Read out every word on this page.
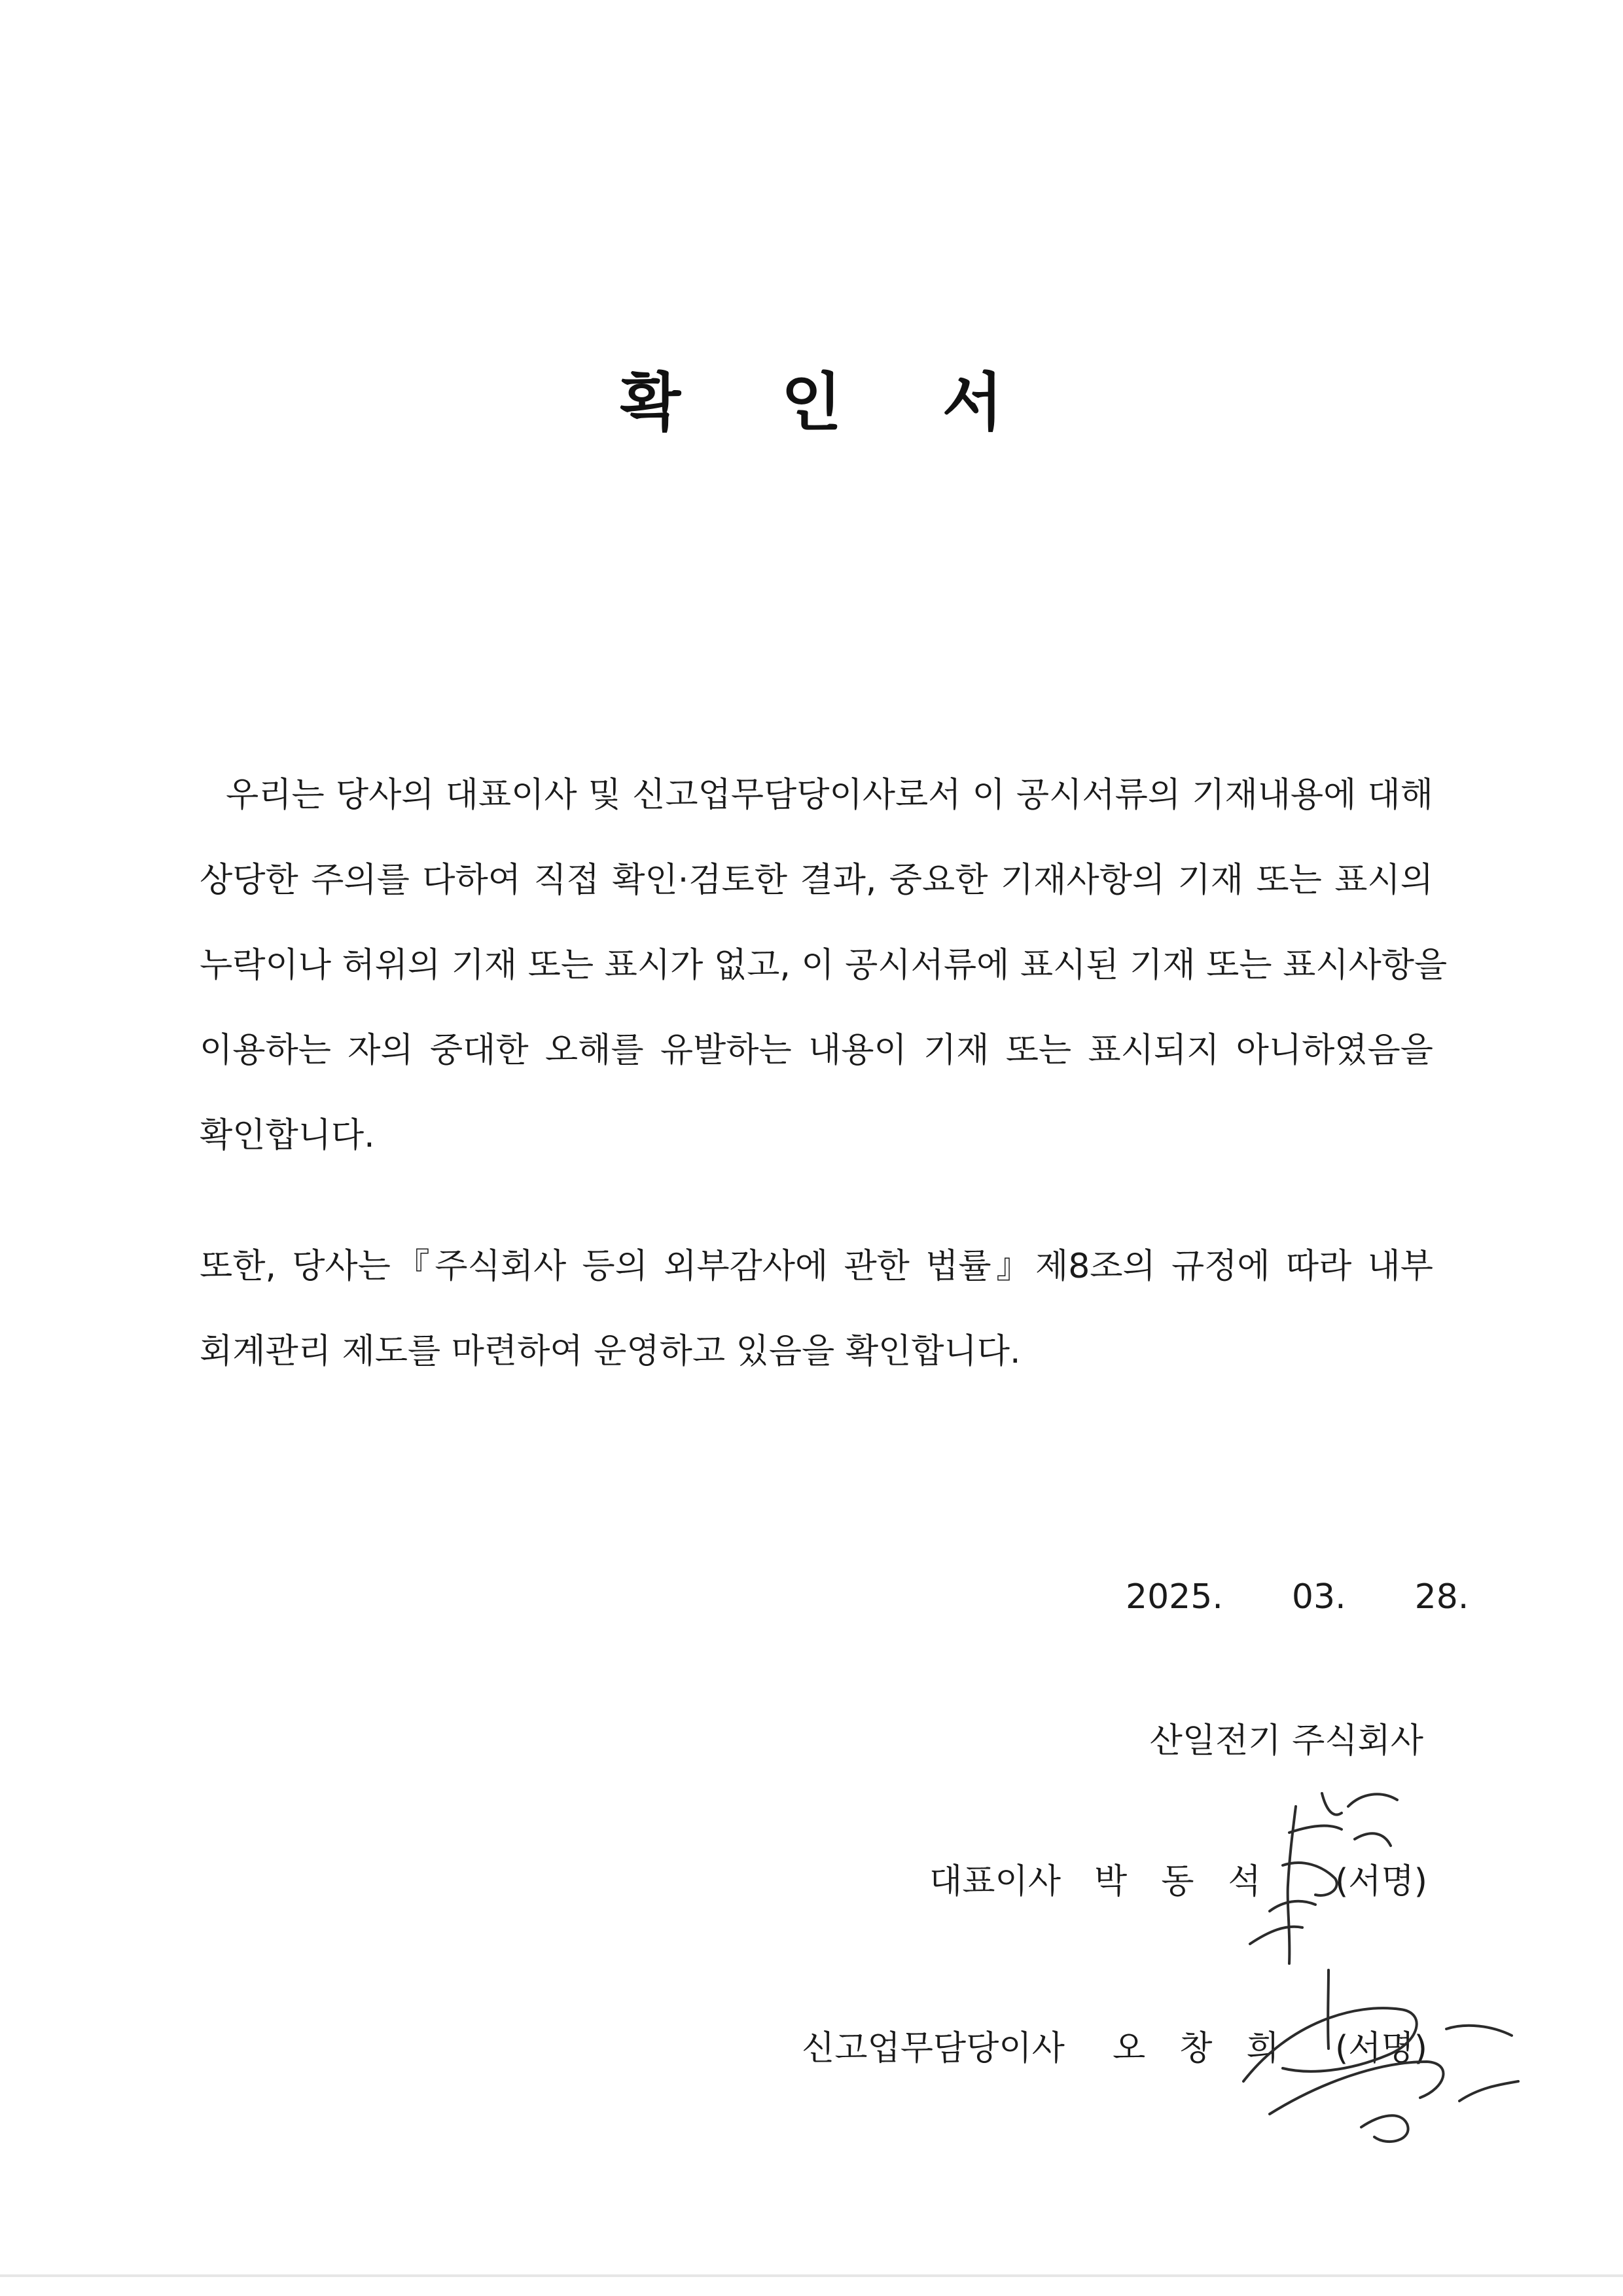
확 인 서
우리는 당사의 대표이사 및 신고업무담당이사로서 이 공시서류의 기재내용에 대해
상당한 주의를 다하여 직접 확인·검토한 결과, 중요한 기재사항의 기재 또는 표시의
누락이나 허위의 기재 또는 표시가 없고, 이 공시서류에 표시된 기재 또는 표시사항을
이용하는 자의 중대한 오해를 유발하는 내용이 기재 또는 표시되지 아니하였음을
확인합니다.
또한, 당사는『주식회사 등의 외부감사에 관한 법률』제8조의 규정에 따라 내부
회계관리 제도를 마련하여 운영하고 있음을 확인합니다.
2025.  03.  28.
산일전기 주식회사
대표이사 박동석 (서명)
신고업무담당이사 오창희 (서명)
